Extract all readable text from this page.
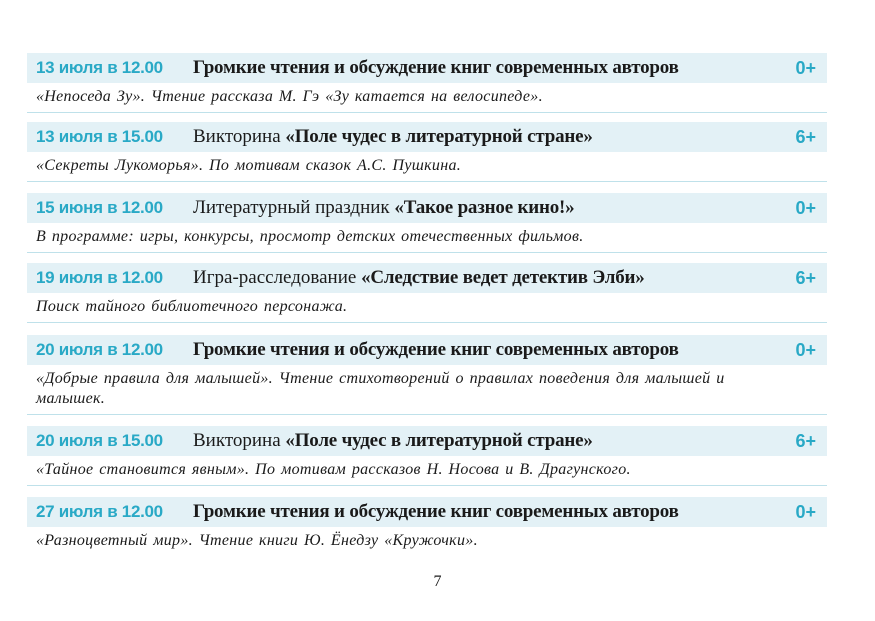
13 июля в 12.00 Громкие чтения и обсуждение книг современных авторов	0+
«Непоседа Зу». Чтение рассказа М. Гэ «Зу катается на велосипеде».
13 июля в 15.00 Викторина «Поле чудес в литературной стране»	6+
«Секреты Лукоморья». По мотивам сказок А.С. Пушкина.
15 июня в 12.00 Литературный праздник «Такое разное кино!»	0+
В программе: игры, конкурсы, просмотр детских отечественных фильмов.
19 июля в 12.00 Игра-расследование «Следствие ведет детектив Элби»	6+
Поиск тайного библиотечного персонажа.
20 июля в 12.00 Громкие чтения и обсуждение книг современных авторов	0+
«Добрые правила для малышей». Чтение стихотворений о правилах поведения для малышей и малышек.
20 июля в 15.00 Викторина «Поле чудес в литературной стране»	6+
«Тайное становится явным». По мотивам рассказов Н. Носова и В. Драгунского.
27 июля в 12.00 Громкие чтения и обсуждение книг современных авторов	0+
«Разноцветный мир». Чтение книги Ю. Ёнедзу «Кружочки».
7
